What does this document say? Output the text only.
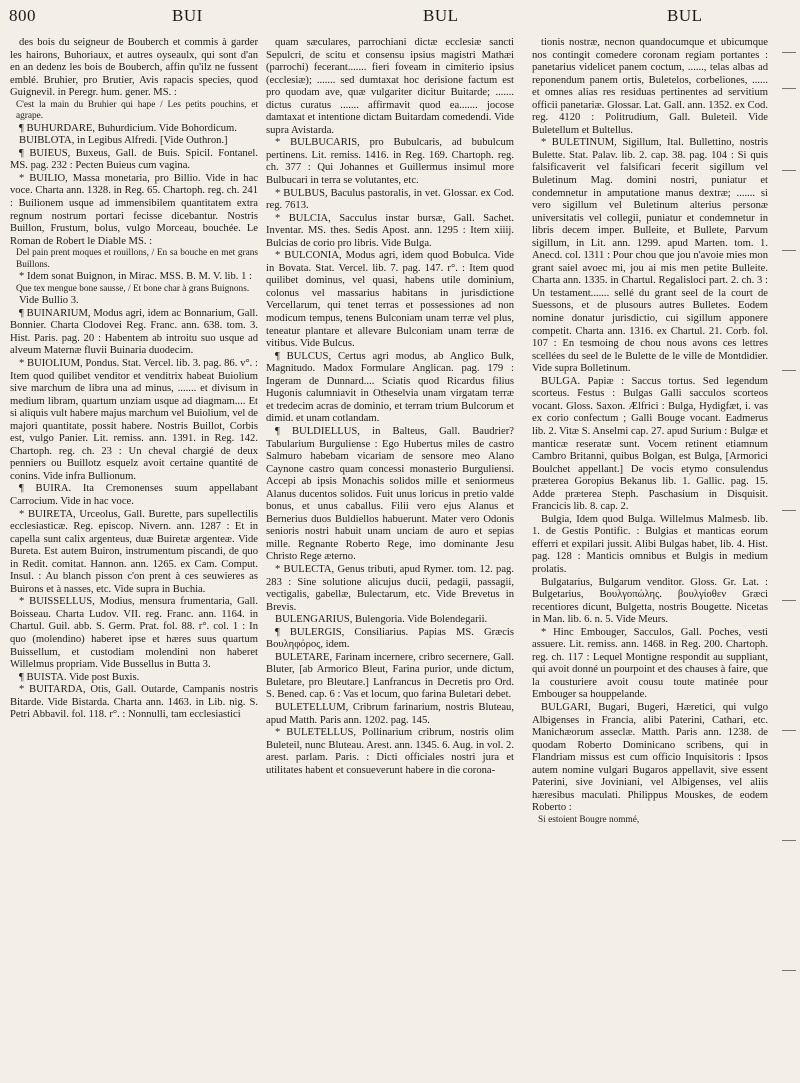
800	BUI	BUL	BUL

des bois du seigneur de Bouberch et commis à garder les hairons, Buhoriaux, et autres oyseaulx, qui sont d'an en an dedenz les bois de Bouberch, affin qu'ilz ne fussent emblé. Bruhier, pro Brutier, Avis rapacis species, quod Guignevil. in Peregr. hum. gener. MS. :

C'est la main du Bruhier qui hape / Les petits pouchins, et agrape.

¶ BUHURDARE, Buhurdicium. Vide Bohordicum.

BUIBLOTA, in Legibus Alfredi. [Vide Outhron.]

¶ BUIEUS, Buxeus, Gall. de Buis. Spicil. Fontanel. MS. pag. 232 : Pecten Buieus cum vagina.

* BUILIO, Massa monetaria, pro Billio. Vide in hac voce. Charta ann. 1328. in Reg. 65. Chartoph. reg. ch. 241 : Builionem usque ad immensibilem quantitatem extra regnum nostrum portari fecisse dicebantur. Nostris Buillon, Frustum, bolus, vulgo Morceau, bouchée. Le Roman de Robert le Diable MS. :

Del pain prent moques et rouillons, / En sa bouche en met grans Buillons.

* Idem sonat Buignon, in Mirac. MSS. B. M. V. lib. 1 :

Que tex mengue bone sausse, / Et bone char à grans Buignons.

Vide Bullio 3.

¶ BUINARIUM, Modus agri, idem ac Bonnarium, Gall. Bonnier. Charta Clodovei Reg. Franc. ann. 638. tom. 3. Hist. Paris. pag. 20 : Habentem ab introitu suo usque ad alveum Maternæ fluvii Buinaria duodecim.

* BUIOLIUM, Pondus. Stat. Vercel. lib. 3. pag. 86. v°. : Item quod quilibet venditor et venditrix habeat Buiolium sive marchum de libra una ad minus, ....... et divisum in medium libram, quartum unziam usque ad diagmam.... Et si aliquis vult habere majus marchum vel Buiolium, vel de majori quantitate, possit habere. Nostris Buillot, Corbis est, vulgo Panier. Lit. remiss. ann. 1391. in Reg. 142. Chartoph. reg. ch. 23 : Un cheval chargié de deux penniers ou Buillotz esquelz avoit certaine quantité de conins. Vide infra Bullionum.

¶ BUIRA. Ita Cremonenses suum appellabant Carrocium. Vide in hac voce.

* BUIRETA, Urceolus, Gall. Burette, pars supellectilis ecclesiasticæ. Reg. episcop. Nivern. ann. 1287 : Et in capella sunt calix argenteus, duæ Buiretæ argenteæ. Vide Bureta. Est autem Buiron, instrumentum piscandi, de quo in Redit. comitat. Hannon. ann. 1265. ex Cam. Comput. Insul. : Au blanch pisson c'on prent à ces seuwieres as Buirons et à nasses, etc. Vide supra in Buchia.

* BUISSELLUS, Modius, mensura frumentaria, Gall. Boisseau. Charta Ludov. VII. reg. Franc. ann. 1164. in Chartul. Guil. abb. S. Germ. Prat. fol. 88. r°. col. 1 : In quo (molendino) haberet ipse et hæres suus quartum Buissellum, et custodiam molendini non haberet Willelmus propriam. Vide Bussellus in Butta 3.

¶ BUISTA. Vide post Buxis.

* BUITARDA, Otis, Gall. Outarde, Campanis nostris Bitarde. Vide Bistarda. Charta ann. 1463. in Lib. nig. S. Petri Abbavil. fol. 118. r°. : Nonnulli, tam ecclesiastici

quam sæculares, parrochiani dictæ ecclesiæ sancti Sepulcri, de scitu et consensu ipsius magistri Mathæi (parrochi) fecerant....... fieri foveam in cimiterio ipsius (ecclesiæ); ....... sed dumtaxat hoc derisione factum est pro quodam ave, quæ vulgariter dicitur Buitarde; ....... dictus curatus ....... affirmavit quod ea....... jocose damtaxat et intentione dictam Buitardam comedendi. Vide supra Avistarda.

* BULBUCARIS, pro Bubulcaris, ad bubulcum pertinens. Lit. remiss. 1416. in Reg. 169. Chartoph. reg. ch. 377 : Qui Johannes et Guillermus insimul more Bulbucari in terra se volutantes, etc.

* BULBUS, Baculus pastoralis, in vet. Glossar. ex Cod. reg. 7613.

* BULCIA, Sacculus instar bursæ, Gall. Sachet. Inventar. MS. thes. Sedis Apost. ann. 1295 : Item xiiij. Bulcias de corio pro libris. Vide Bulga.

* BULCONIA, Modus agri, idem quod Bobulca. Vide in Bovata. Stat. Vercel. lib. 7. pag. 147. r°. : Item quod quilibet dominus, vel quasi, habens utile dominium, colonus vel massarius habitans in jurisdictione Vercellarum, qui tenet terras et possessiones ad non modicum tempus, tenens Bulconiam unam terræ vel plus, teneatur plantare et allevare Bulconiam unam terræ de vitibus. Vide Bulcus.

¶ BULCUS, Certus agri modus, ab Anglico Bulk, Magnitudo. Madox Formulare Anglican. pag. 179 : Ingeram de Dunnard.... Sciatis quod Ricardus filius Hugonis calumniavit in Otheselvia unam virgatam terræ et tredecim acras de dominio, et terram trium Bulcorum et dimid. et unam cotlandam.

¶ BULDIELLUS, in Balteus, Gall. Baudrier? Tabularium Burguliense : Ego Hubertus miles de castro Salmuro habebam vicariam de sensore meo Alano Caynone castro quam concessi monasterio Burguliensi. Accepi ab ipsis Monachis solidos mille et seniormeus Alanus ducentos solidos. Fuit unus loricus in pretio valde bonus, et unus caballus. Filii vero ejus Alanus et Bernerius duos Buldiellos habuerunt. Mater vero Odonis senioris nostri habuit unam unciam de auro et sepias mille. Regnante Roberto Rege, imo dominante Jesu Christo Rege æterno.

* BULECTA, Genus tributi, apud Rymer. tom. 12. pag. 283 : Sine solutione alicujus ducii, pedagii, passagii, vectigalis, gabellæ, Bulectarum, etc. Vide Brevetus in Brevis.

BULENGARIUS, Bulengoria. Vide Bolendegarii.

¶ BULERGIS, Consiliarius. Papias MS. Græcis Βουληφόρος, idem.

BULETARE, Farinam incernere, cribro secernere, Gall. Bluter, [ab Armorico Bleut, Farina purior, unde dictum, Buletare, pro Bleutare.] Lanfrancus in Decretis pro Ord. S. Bened. cap. 6 : Vas et locum, quo farina Buletari debet.

BULETELLUM, Cribrum farinarium, nostris Bluteau, apud Matth. Paris ann. 1202. pag. 145.

* BULETELLUS, Pollinarium cribrum, nostris olim Buleteil, nunc Bluteau. Arest. ann. 1345. 6. Aug. in vol. 2. arest. parlam. Paris. : Dicti officiales nostri jura et utilitates habent et consueverunt habere in die corona-

tionis nostræ, necnon quandocumque et ubicumque nos contingit comedere coronam regiam portantes : panetarius videlicet panem coctum, ......, telas albas ad reponendum panem ortis, Buletelos, corbeliones, ...... et omnes alias res residuas pertinentes ad servitium officii panetariæ. Glossar. Lat. Gall. ann. 1352. ex Cod. reg. 4120 : Politrudium, Gall. Buleteil. Vide Buletellum et Bultellus.

* BULETINUM, Sigillum, Ital. Bullettino, nostris Bulette. Stat. Palav. lib. 2. cap. 38. pag. 104 : Si quis falsificaverit vel falsificari fecerit sigillum vel Buletinum Mag. domini nostri, puniatur et condemnetur in amputatione manus dextræ; ....... si vero sigillum vel Buletinum alterius personæ universitatis vel collegii, puniatur et condemnetur in libris decem imper. Bulleite, et Bullete, Parvum sigillum, in Lit. ann. 1299. apud Marten. tom. 1. Anecd. col. 1311 : Pour chou que jou n'avoie mies mon grant saiel avoec mi, jou ai mis men petite Bulleite. Charta ann. 1335. in Chartul. Regalisloci part. 2. ch. 3 : Un testament....... sellé du grant seel de la court de Suessons, et de plusours autres Bulletes. Eodem nomine donatur jurisdictio, cui sigillum apponere competit. Charta ann. 1316. ex Chartul. 21. Corb. fol. 107 : En tesmoing de chou nous avons ces lettres scellées du seel de le Bulette de le ville de Montdidier. Vide supra Bolletinum.

BULGA. Papiæ : Saccus tortus. Sed legendum scorteus. Festus : Bulgas Galli sacculos scorteos vocant. Gloss. Saxon. Ælfrici : Bulga, Hydigfæt, i. vas ex corio confectum ; Galli Bouge vocant. Eadmerus lib. 2. Vitæ S. Anselmi cap. 27. apud Surium : Bulgæ et manticæ reseratæ sunt. Vocem retinent etiamnum Cambro Britanni, quibus Bolgan, est Bulga, [Armorici Boulchet appellant.] De vocis etymo consulendus præterea Goropius Bekanus lib. 1. Gallic. pag. 15. Adde præterea Steph. Paschasium in Disquisit. Francicis lib. 8. cap. 2.

Bulgia, Idem quod Bulga. Willelmus Malmesb. lib. 1. de Gestis Pontific. : Bulgias et manticas eorum efferri et expilari jussit. Alibi Bulgas habet, lib. 4. Hist. pag. 128 : Manticis omnibus et Bulgis in medium prolatis.

Bulgatarius, Bulgarum venditor. Gloss. Gr. Lat. : Bulgetarius, Βουλγοπώλης. βουλγίοθεν Græci recentiores dicunt, Bulgetta, nostris Bougette. Nicetas in Man. lib. 6. n. 5. Vide Meurs.

* Hinc Embouger, Sacculos, Gall. Poches, vesti assuere. Lit. remiss. ann. 1468. in Reg. 200. Chartoph. reg. ch. 117 : Lequel Montigne respondit au suppliant, qui avoit donné un pourpoint et des chauses à faire, que la cousturiere avoit cousu toute matinée pour Embouger sa houppelande.

BULGARI, Bugari, Bugeri, Hæretici, qui vulgo Albigenses in Francia, alibi Paterini, Cathari, etc. Manichæorum asseclæ. Matth. Paris ann. 1238. de quodam Roberto Dominicano scribens, qui in Flandriam missus est cum officio Inquisitoris : Ipsos autem nomine vulgari Bugaros appellavit, sive essent Paterini, sive Joviniani, vel Albigenses, vel aliis hæresibus maculati. Philippus Mouskes, de eodem Roberto :

Si estoient Bougre nommé,
